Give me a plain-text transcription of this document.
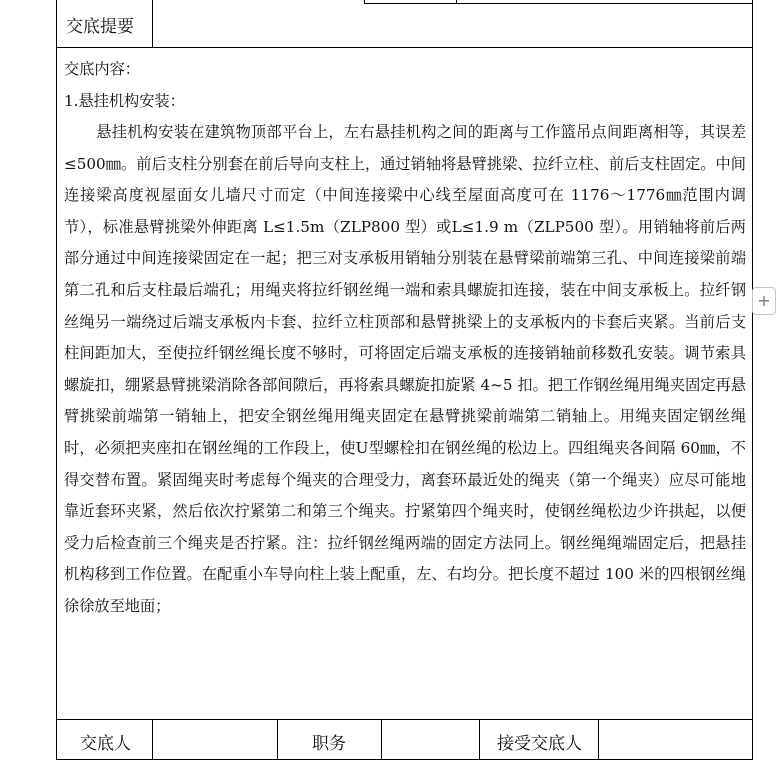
交底提要
交底内容：
1.悬挂机构安装：
悬挂机构安装在建筑物顶部平台上，左右悬挂机构之间的距离与工作篮吊点间距离相等，其误差≤500㎜。前后支柱分别套在前后导向支柱上，通过销轴将悬臂挑梁、拉纤立柱、前后支柱固定。中间连接梁高度视屋面女儿墙尺寸而定（中间连接梁中心线至屋面高度可在 1176～1776㎜范围内调节），标准悬臂挑梁外伸距离 L≤1.5m（ZLP800 型）或L≤1.9 m（ZLP500 型）。用销轴将前后两部分通过中间连接梁固定在一起；把三对支承板用销轴分别装在悬臂梁前端第三孔、中间连接梁前端第二孔和后支柱最后端孔；用绳夹将拉纤钢丝绳一端和索具螺旋扣连接，装在中间支承板上。拉纤钢丝绳另一端绕过后端支承板内卡套、拉纤立柱顶部和悬臂挑梁上的支承板内的卡套后夹紧。当前后支柱间距加大，至使拉纤钢丝绳长度不够时，可将固定后端支承板的连接销轴前移数孔安装。调节索具螺旋扣，绷紧悬臂挑梁消除各部间隙后，再将索具螺旋扣旋紧 4~5 扣。把工作钢丝绳用绳夹固定再悬臂挑梁前端第一销轴上，把安全钢丝绳用绳夹固定在悬臂挑梁前端第二销轴上。用绳夹固定钢丝绳时，必须把夹座扣在钢丝绳的工作段上，使U型螺栓扣在钢丝绳的松边上。四组绳夹各间隔 60㎜，不得交替布置。紧固绳夹时考虑每个绳夹的合理受力，离套环最近处的绳夹（第一个绳夹）应尽可能地靠近套环夹紧，然后依次拧紧第二和第三个绳夹。拧紧第四个绳夹时，使钢丝绳松边少许拱起，以便受力后检查前三个绳夹是否拧紧。注：拉纤钢丝绳两端的固定方法同上。钢丝绳绳端固定后，把悬挂机构移到工作位置。在配重小车导向柱上装上配重，左、右均分。把长度不超过 100 米的四根钢丝绳徐徐放至地面；
交底人	职务	接受交底人
+
